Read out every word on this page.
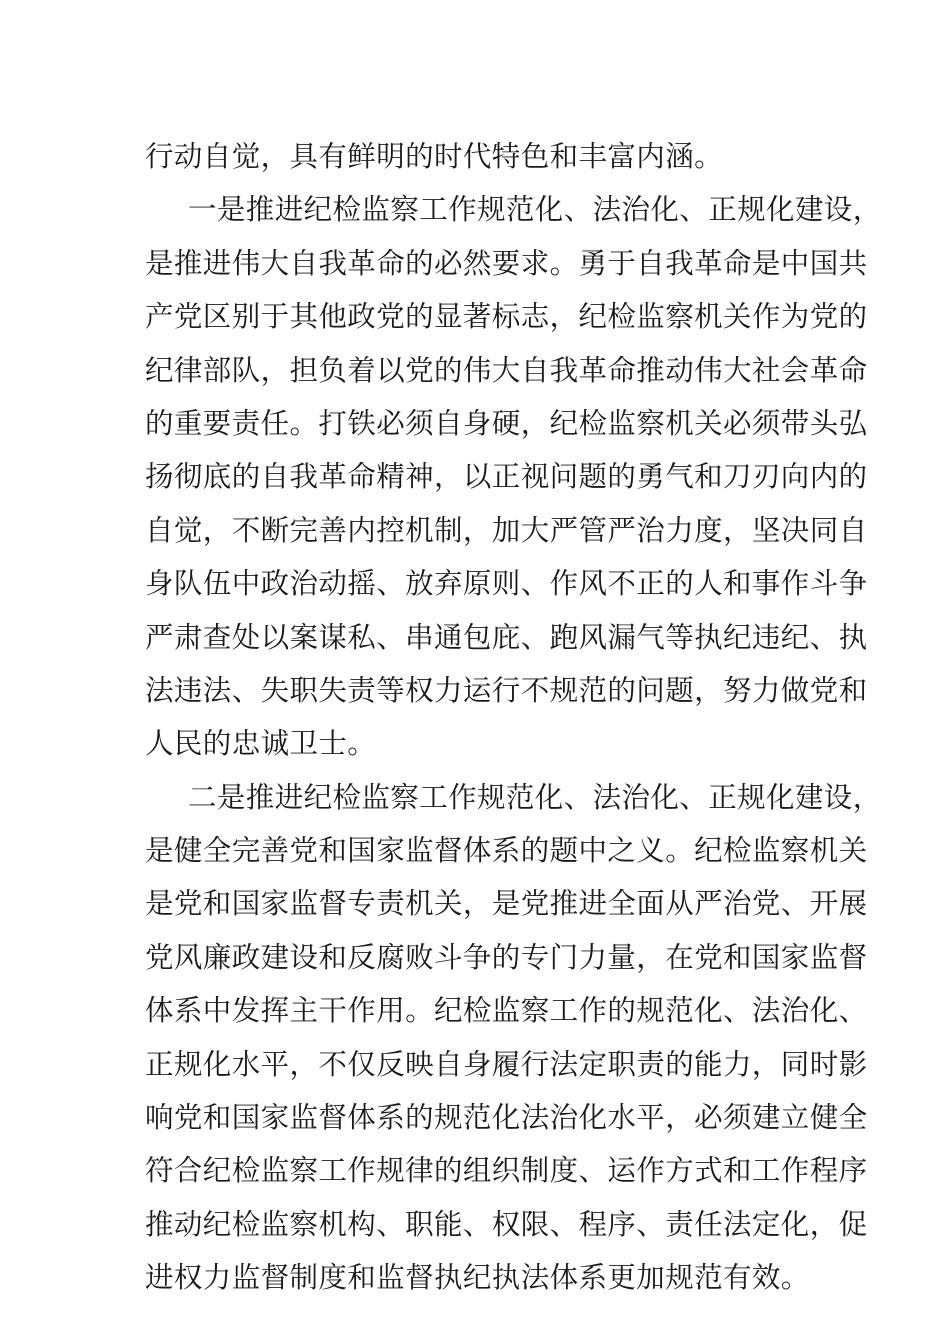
行动自觉，具有鲜明的时代特色和丰富内涵。
一是推进纪检监察工作规范化、法治化、正规化建设，
是推进伟大自我革命的必然要求。勇于自我革命是中国共
产党区别于其他政党的显著标志，纪检监察机关作为党的
纪律部队，担负着以党的伟大自我革命推动伟大社会革命
的重要责任。打铁必须自身硬，纪检监察机关必须带头弘
扬彻底的自我革命精神，以正视问题的勇气和刀刃向内的
自觉，不断完善内控机制，加大严管严治力度，坚决同自
身队伍中政治动摇、放弃原则、作风不正的人和事作斗争
严肃查处以案谋私、串通包庇、跑风漏气等执纪违纪、执
法违法、失职失责等权力运行不规范的问题，努力做党和
人民的忠诚卫士。
二是推进纪检监察工作规范化、法治化、正规化建设，
是健全完善党和国家监督体系的题中之义。纪检监察机关
是党和国家监督专责机关，是党推进全面从严治党、开展
党风廉政建设和反腐败斗争的专门力量，在党和国家监督
体系中发挥主干作用。纪检监察工作的规范化、法治化、
正规化水平，不仅反映自身履行法定职责的能力，同时影
响党和国家监督体系的规范化法治化水平，必须建立健全
符合纪检监察工作规律的组织制度、运作方式和工作程序
推动纪检监察机构、职能、权限、程序、责任法定化，促
进权力监督制度和监督执纪执法体系更加规范有效。
